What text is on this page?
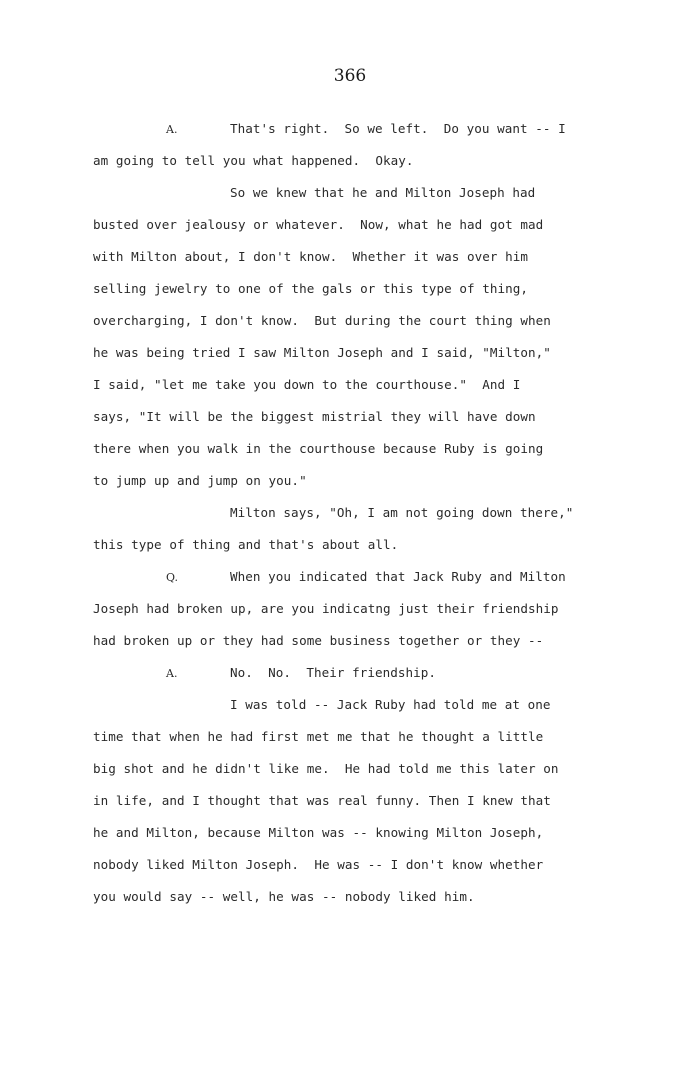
366
A.	That's right.  So we left.  Do you want -- I
am going to tell you what happened.  Okay.
So we knew that he and Milton Joseph had
busted over jealousy or whatever.  Now, what he had got mad
with Milton about, I don't know.  Whether it was over him
selling jewelry to one of the gals or this type of thing,
overcharging, I don't know.  But during the court thing when
he was being tried I saw Milton Joseph and I said, "Milton,"
I said, "let me take you down to the courthouse."  And I
says, "It will be the biggest mistrial they will have down
there when you walk in the courthouse because Ruby is going
to jump up and jump on you."
Milton says, "Oh, I am not going down there,"
this type of thing and that's about all.
Q.	When you indicated that Jack Ruby and Milton
Joseph had broken up, are you indicatng just their friendship
had broken up or they had some business together or they --
A.	No.  No.  Their friendship.
I was told -- Jack Ruby had told me at one
time that when he had first met me that he thought a little
big shot and he didn't like me.  He had told me this later on
in life, and I thought that was real funny. Then I knew that
he and Milton, because Milton was -- knowing Milton Joseph,
nobody liked Milton Joseph.  He was -- I don't know whether
you would say -- well, he was -- nobody liked him.
